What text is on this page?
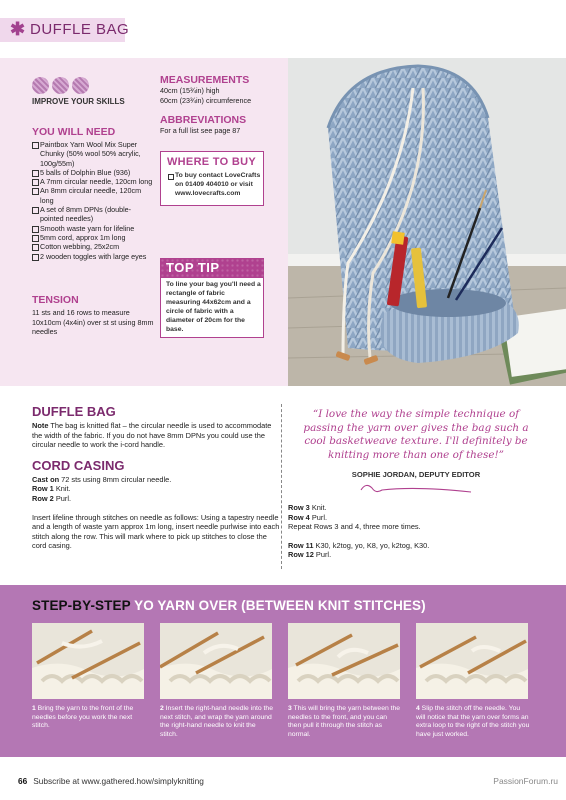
✱ DUFFLE BAG
IMPROVE YOUR SKILLS
YOU WILL NEED
Paintbox Yarn Wool Mix Super Chunky (50% wool 50% acrylic, 100g/55m)
5 balls of Dolphin Blue (936)
A 7mm circular needle, 120cm long
An 8mm circular needle, 120cm long
A set of 8mm DPNs (double-pointed needles)
Smooth waste yarn for lifeline
5mm cord, approx 1m long
Cotton webbing, 25x2cm
2 wooden toggles with large eyes
TENSION
11 sts and 16 rows to measure 10x10cm (4x4in) over st st using 8mm needles
MEASUREMENTS
40cm (15¾in) high
60cm (23¾in) circumference
ABBREVIATIONS
For a full list see page 87
WHERE TO BUY
To buy contact LoveCrafts on 01409 404010 or visit www.lovecrafts.com
TOP TIP

To line your bag you'll need a rectangle of fabric measuring 44x62cm and a circle of fabric with a diameter of 20cm for the base.

DUFFLE BAG

Note The bag is knitted flat – the circular needle is used to accommodate the width of the fabric. If you do not have 8mm DPNs you could use the circular needle to work the i-cord handle.

CORD CASING

Cast on 72 sts using 8mm circular needle.

Row 1 Knit.

Row 2 Purl.

Insert lifeline through stitches on needle as follows: Using a tapestry needle and a length of waste yarn approx 1m long, insert needle purlwise into each stitch along the row. This will mark where to pick up stitches to close the cord casing.

“I love the way the simple technique of passing the yarn over gives the bag such a cool basketweave texture. I'll definitely be knitting more than one of these!”
SOPHIE JORDAN, DEPUTY EDITOR

Row 3 Knit.

Row 4 Purl.

Repeat Rows 3 and 4, three more times.

Row 11 K30, k2tog, yo, K8, yo, k2tog, K30.

Row 12 Purl.

STEP-BY-STEP YO YARN OVER (BETWEEN KNIT STITCHES)
1 Bring the yarn to the front of the needles before you work the next stitch.
2 Insert the right-hand needle into the next stitch, and wrap the yarn around the right-hand needle to knit the stitch.
3 This will bring the yarn between the needles to the front, and you can then pull it through the stitch as normal.
4 Slip the stitch off the needle. You will notice that the yarn over forms an extra loop to the right of the stitch you have just worked.
66 Subscribe at www.gathered.how/simplyknitting	PassionForum.ru
